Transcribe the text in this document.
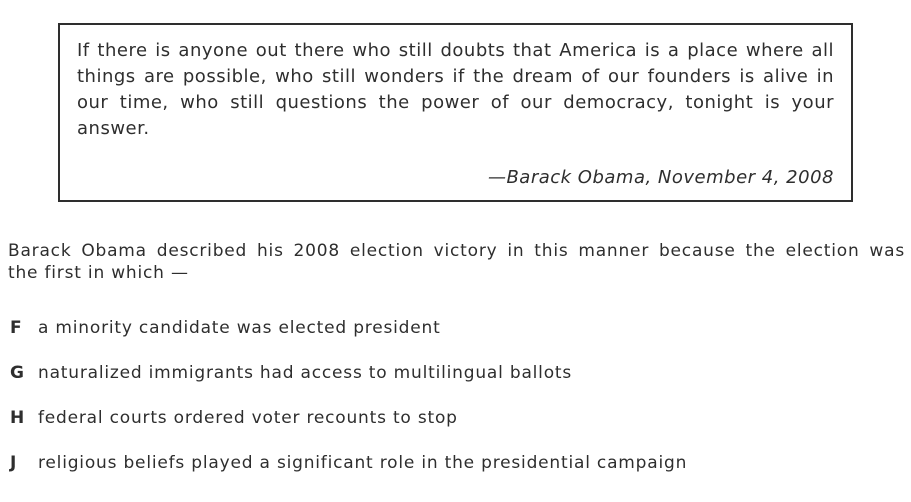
If there is anyone out there who still doubts that America is a place where all

things are possible, who still wonders if the dream of our founders is alive in

our time, who still questions the power of our democracy, tonight is your

answer.

—Barack Obama, November 4, 2008

Barack Obama described his 2008 election victory in this manner because the election was

the first in which —

F a minority candidate was elected president
G naturalized immigrants had access to multilingual ballots
H federal courts ordered voter recounts to stop
J religious beliefs played a significant role in the presidential campaign
